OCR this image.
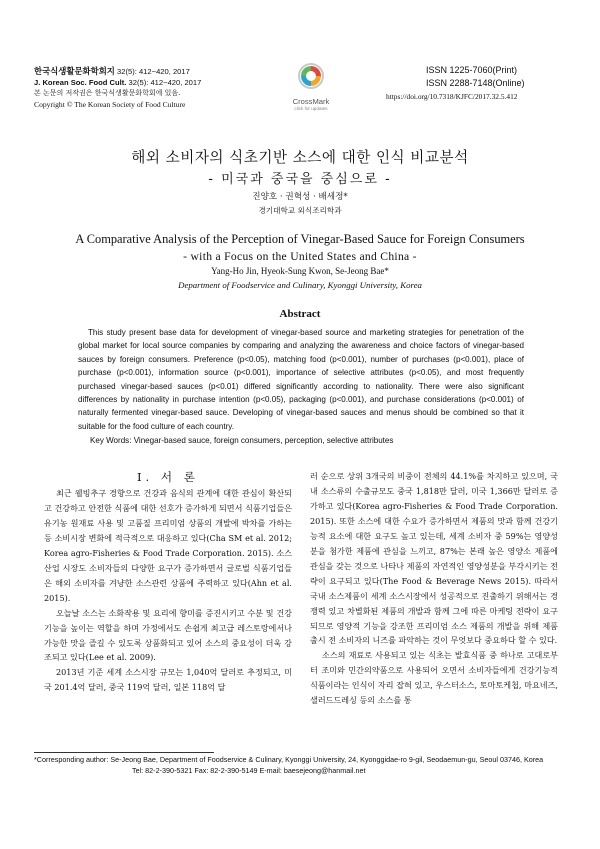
한국식생활문화학회지 32(5): 412~420, 2017
J. Korean Soc. Food Cult. 32(5): 412~420, 2017
본 논문의 저작권은 한국식생활문화학회에 있음.
Copyright © The Korean Society of Food Culture	CrossMark
click for updates
ISSN 1225-7060(Print)
ISSN 2288-7148(Online)
https://doi.org/10.7318/KJFC/2017.32.5.412
해외 소비자의 식초기반 소스에 대한 인식 비교분석
- 미국과 중국을 중심으로 -
진양호 · 권혁성 · 배세정*
경기대학교 외식조리학과
A Comparative Analysis of the Perception of Vinegar-Based Sauce for Foreign Consumers
- with a Focus on the United States and China -
Yang-Ho Jin, Hyeok-Sung Kwon, Se-Jeong Bae*
Department of Foodservice and Culinary, Kyonggi University, Korea
Abstract
This study present base data for development of vinegar-based source and marketing strategies for penetration of the global market for local source companies by comparing and analyzing the awareness and choice factors of vinegar-based sauces by foreign consumers. Preference (p<0.05), matching food (p<0.001), number of purchases (p<0.001), place of purchase (p<0.001), information source (p<0.001), importance of selective attributes (p<0.05), and most frequently purchased vinegar-based sauces (p<0.01) differed significantly according to nationality. There were also significant differences by nationality in purchase intention (p<0.05), packaging (p<0.001), and purchase considerations (p<0.001) of naturally fermented vinegar-based sauce. Developing of vinegar-based sauces and menus should be combined so that it suitable for the food culture of each country.
Key Words: Vinegar-based sauce, foreign consumers, perception, selective attributes
Ⅰ. 서 론

최근 웰빙추구 경향으로 건강과 음식의 관계에 대한 관심이 확산되고 건강하고 안전한 식품에 대한 선호가 증가하게 되면서 식품기업들은 유기농 원재료 사용 및 고품질 프리미엄 상품의 개발에 박차를 가하는 등 소비시장 변화에 적극적으로 대응하고 있다(Cha SM et al. 2012; Korea agro-Fisheries & Food Trade Corporation. 2015). 소스산업 시장도 소비자들의 다양한 요구가 증가하면서 글로벌 식품기업들은 해외 소비자를 겨냥한 소스관련 상품에 주력하고 있다(Ahn et al. 2015).

오늘날 소스는 소화작용 및 요리에 향미를 증진시키고 수분 및 건강기능을 높이는 역할을 하며 가정에서도 손쉽게 최고급 레스토랑에서나 가능한 맛을 즐길 수 있도록 상품화되고 있어 소스의 중요성이 더욱 강조되고 있다(Lee et al. 2009).

2013년 기준 세계 소스시장 규모는 1,040억 달러로 추정되고, 미국 201.4억 달러, 중국 119억 달러, 일본 118억 달

러 순으로 상위 3개국의 비중이 전체의 44.1%를 차지하고 있으며, 국내 소스류의 수출규모도 중국 1,818만 달러, 미국 1,366만 달러로 증가하고 있다(Korea agro-Fisheries & Food Trade Corporation. 2015). 또한 소스에 대한 수요가 증가하면서 제품의 맛과 함께 건강기능적 요소에 대한 요구도 높고 있는데, 세계 소비자 중 59%는 영양성분을 첨가한 제품에 관심을 느끼고, 87%는 본래 높은 영양소 제품에 관심을 갖는 것으로 나타나 제품의 자연적인 영양성분을 부각시키는 전략이 요구되고 있다(The Food & Beverage News 2015). 따라서 국내 소스제품이 세계 소스시장에서 성공적으로 진출하기 위해서는 경쟁력 있고 차별화된 제품의 개발과 함께 그에 따른 마케팅 전략이 요구되므로 영양적 기능을 강조한 프리미엄 소스 제품의 개발을 위해 제품 출시 전 소비자의 니즈를 파악하는 것이 무엇보다 중요하다 할 수 있다.

소스의 재료로 사용되고 있는 식초는 발효식품 중 하나로 고대로부터 조미와 민간의약품으로 사용되어 오면서 소비자들에게 건강기능적 식품이라는 인식이 자리 잡혀 있고, 우스터소스, 토마토케첩, 마요네즈, 샐러드드레싱 등의 소스를 통

*Corresponding author: Se-Jeong Bae, Department of Foodservice & Culinary, Kyonggi University, 24, Kyonggidae-ro 9-gil, Seodaemun-gu, Seoul 03746, Korea
Tel: 82-2-390-5321 Fax: 82-2-390-5149 E-mail: baesejeong@hanmail.net
